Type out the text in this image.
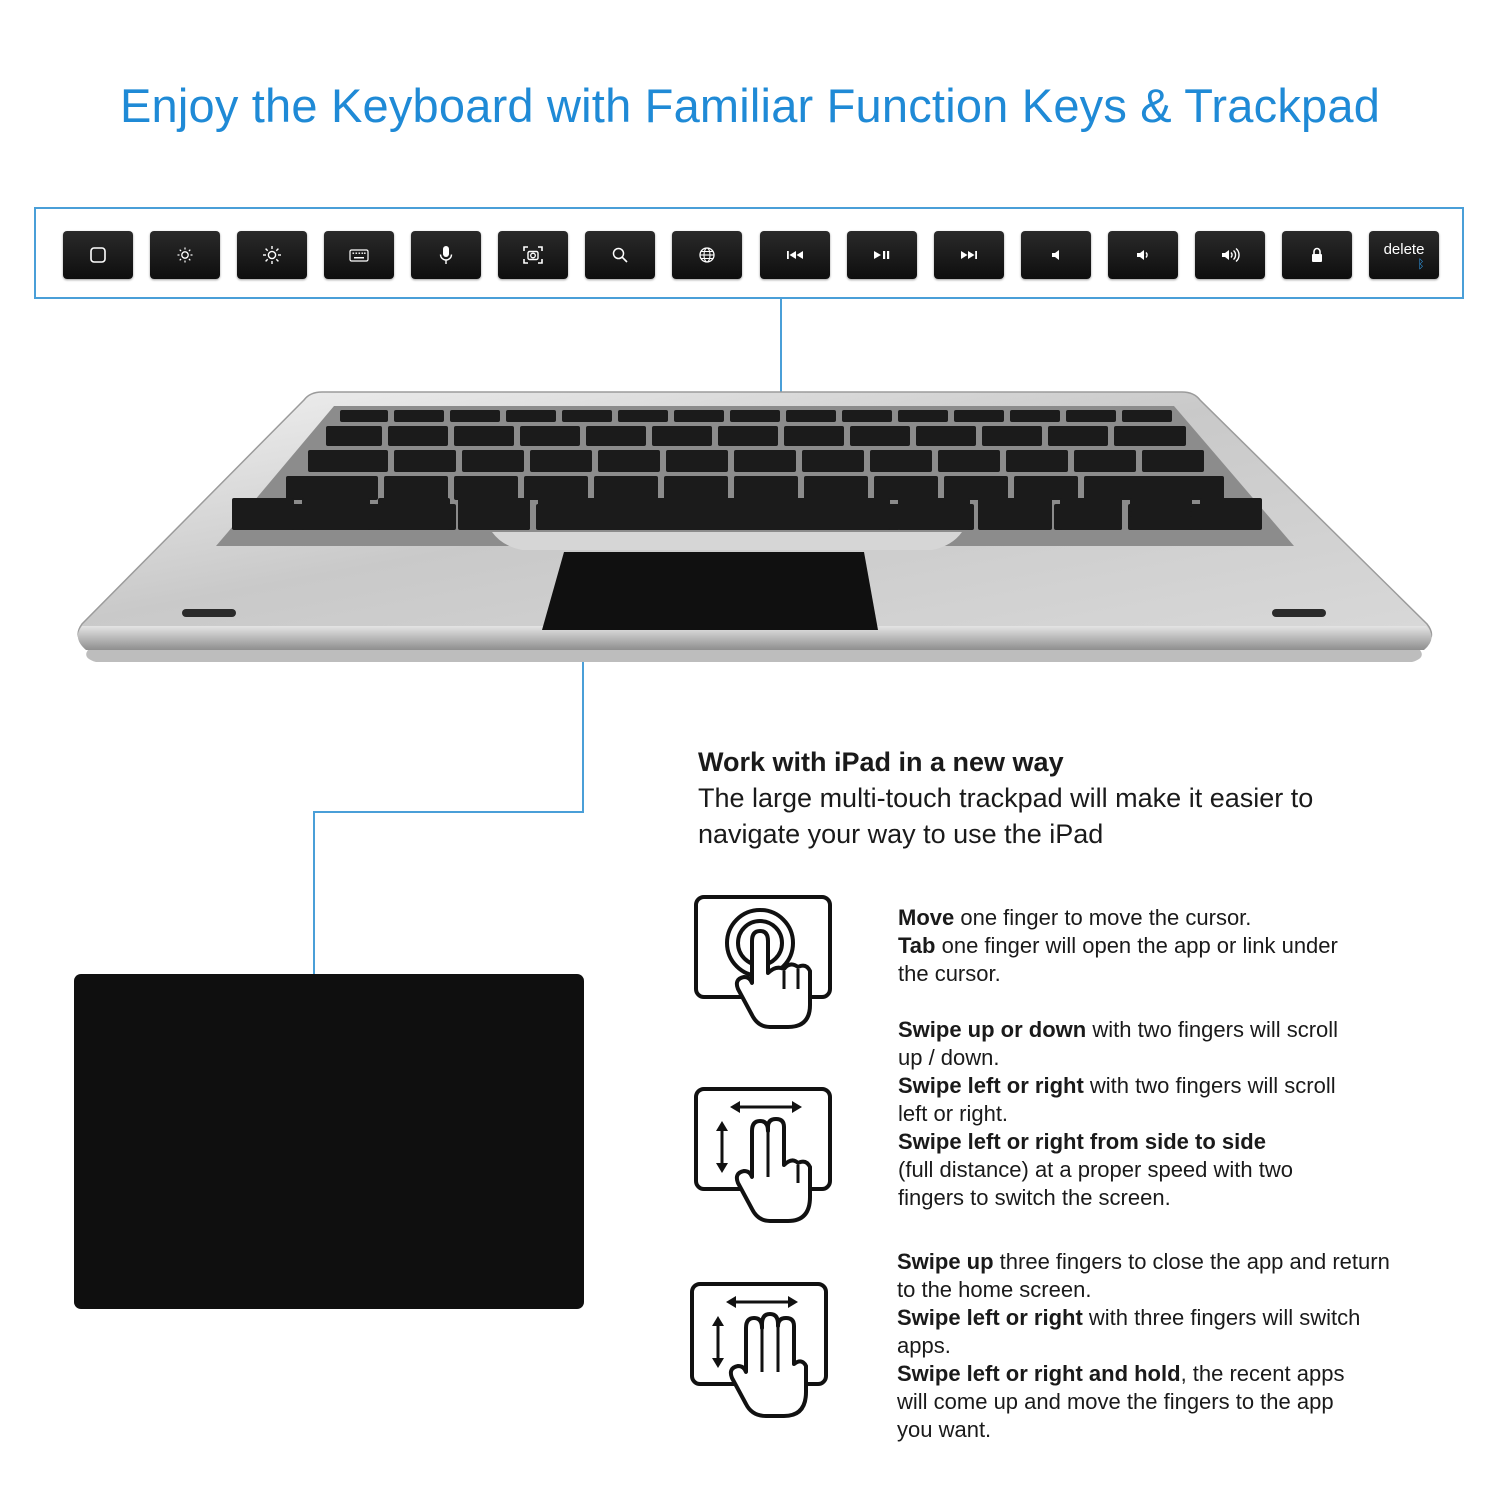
Enjoy the Keyboard with Familiar Function Keys & Trackpad
delete
ᛒ
Work with iPad in a new way
The large multi-touch trackpad will make it easier to
navigate your way to use the iPad
Move one finger to move the cursor.
Tab one finger will open the app or link under
the cursor.
Swipe up or down with two fingers will scroll
up / down.
Swipe left or right with two fingers will scroll
left or right.
Swipe left or right from side to side
(full distance) at a proper speed with two
fingers to switch the screen.
Swipe up three fingers to close the app and return
to the home screen.
Swipe left or right with three fingers will switch
apps.
Swipe left or right and hold, the recent apps
will come up and move the fingers to the app
you want.
